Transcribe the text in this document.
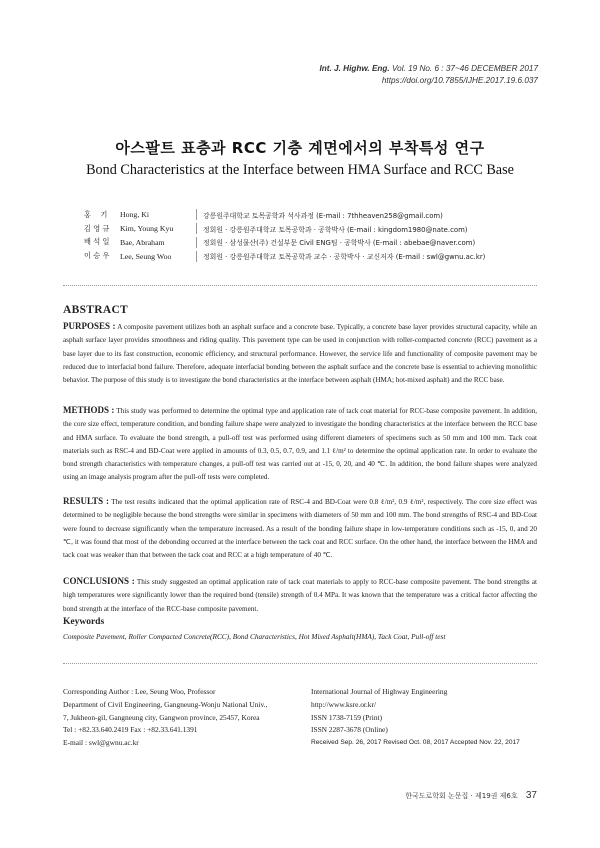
Int. J. Highw. Eng. Vol. 19 No. 6 : 37~46 DECEMBER 2017
https://doi.org/10.7855/IJHE.2017.19.6.037
아스팔트 표층과 RCC 기층 계면에서의 부착특성 연구
Bond Characteristics at the Interface between HMA Surface and RCC Base
홍　 기	Hong, Ki	강릉원주대학교 토목공학과 석사과정 (E-mail : 7thheaven258@gmail.com)
김 영 규	Kim, Young Kyu	정회원 · 강릉원주대학교 토목공학과 · 공학박사 (E-mail : kingdom1980@nate.com)
배 석 일	Bae, Abraham	정회원 · 삼성물산(주) 건설부문 Civil ENG팀 · 공학박사 (E-mail : abebae@naver.com)
이 승 우	Lee, Seung Woo	정회원 · 강릉원주대학교 토목공학과 교수 · 공학박사 · 교신저자 (E-mail : swl@gwnu.ac.kr)
ABSTRACT
PURPOSES : A composite pavement utilizes both an asphalt surface and a concrete base. Typically, a concrete base layer provides structural capacity, while an asphalt surface layer provides smoothness and riding quality. This pavement type can be used in conjunction with roller-compacted concrete (RCC) pavement as a base layer due to its fast construction, economic efficiency, and structural performance. However, the service life and functionality of composite pavement may be reduced due to interfacial bond failure. Therefore, adequate interfacial bonding between the asphalt surface and the concrete base is essential to achieving monolithic behavior. The purpose of this study is to investigate the bond characteristics at the interface between asphalt (HMA; hot-mixed asphalt) and the RCC base.
METHODS : This study was performed to determine the optimal type and application rate of tack coat material for RCC-base composite pavement. In addition, the core size effect, temperature condition, and bonding failure shape were analyzed to investigate the bonding characteristics at the interface between the RCC base and HMA surface. To evaluate the bond strength, a pull-off test was performed using different diameters of specimens such as 50 mm and 100 mm. Tack coat materials such as RSC-4 and BD-Coat were applied in amounts of 0.3, 0.5, 0.7, 0.9, and 1.1 ℓ/m² to determine the optimal application rate. In order to evaluate the bond strength characteristics with temperature changes, a pull-off test was carried out at -15, 0, 20, and 40 ℃. In addition, the bond failure shapes were analyzed using an image analysis program after the pull-off tests were completed.
RESULTS : The test results indicated that the optimal application rate of RSC-4 and BD-Coat were 0.8 ℓ/m², 0.9 ℓ/m², respectively. The core size effect was determined to be negligible because the bond strengths were similar in specimens with diameters of 50 mm and 100 mm. The bond strengths of RSC-4 and BD-Coat were found to decrease significantly when the temperature increased. As a result of the bonding failure shape in low-temperature conditions such as -15, 0, and 20 ℃, it was found that most of the debonding occurred at the interface between the tack coat and RCC surface. On the other hand, the interface between the HMA and tack coat was weaker than that between the tack coat and RCC at a high temperature of 40 ℃.
CONCLUSIONS : This study suggested an optimal application rate of tack coat materials to apply to RCC-base composite pavement. The bond strengths at high temperatures were significantly lower than the required bond (tensile) strength of 0.4 MPa. It was known that the temperature was a critical factor affecting the bond strength at the interface of the RCC-base composite pavement.
Keywords
Composite Pavement, Roller Compacted Concrete(RCC), Bond Characteristics, Hot Mixed Asphalt(HMA), Tack Coat, Pull-off test
Corresponding Author : Lee, Seung Woo, Professor
Department of Civil Engineering, Gangneung-Wonju National Univ.,
7, Jukheon-gil, Gangneung city, Gangwon province, 25457, Korea
Tel : +82.33.640.2419 Fax : +82.33.641.1391
E-mail : swl@gwnu.ac.kr
International Journal of Highway Engineering
http://www.ksre.or.kr/
ISSN 1738-7159 (Print)
ISSN 2287-3678 (Online)
Received Sep. 26, 2017 Revised Oct. 08, 2017 Accepted Nov. 22, 2017
한국도로학회 논문집 · 제19권 제6호 37
